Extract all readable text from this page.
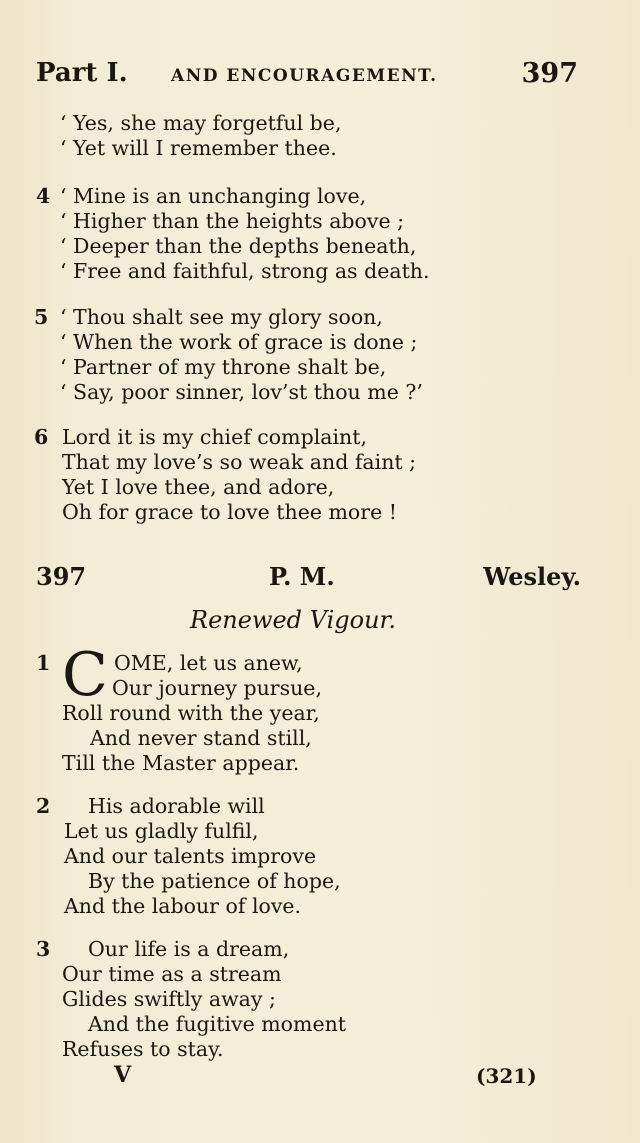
Part I.	AND ENCOURAGEMENT.	397
‘ Yes, she may forgetful be,
‘ Yet will I remember thee.
4 ‘ Mine is an unchanging love,
‘ Higher than the heights above ;
‘ Deeper than the depths beneath,
‘ Free and faithful, strong as death.
5 ‘ Thou shalt see my glory soon,
‘ When the work of grace is done ;
‘ Partner of my throne shalt be,
‘ Say, poor sinner, lov’st thou me ?’
6 Lord it is my chief complaint,
That my love’s so weak and faint ;
Yet I love thee, and adore,
Oh for grace to love thee more !
397	P. M.	Wesley.
Renewed Vigour.
1 C OME, let us anew,
Our journey pursue,
Roll round with the year,
And never stand still,
Till the Master appear.
2 His adorable will
Let us gladly fulfil,
And our talents improve
By the patience of hope,
And the labour of love.
3 Our life is a dream,
Our time as a stream
Glides swiftly away ;
And the fugitive moment
Refuses to stay.
V	(321)
